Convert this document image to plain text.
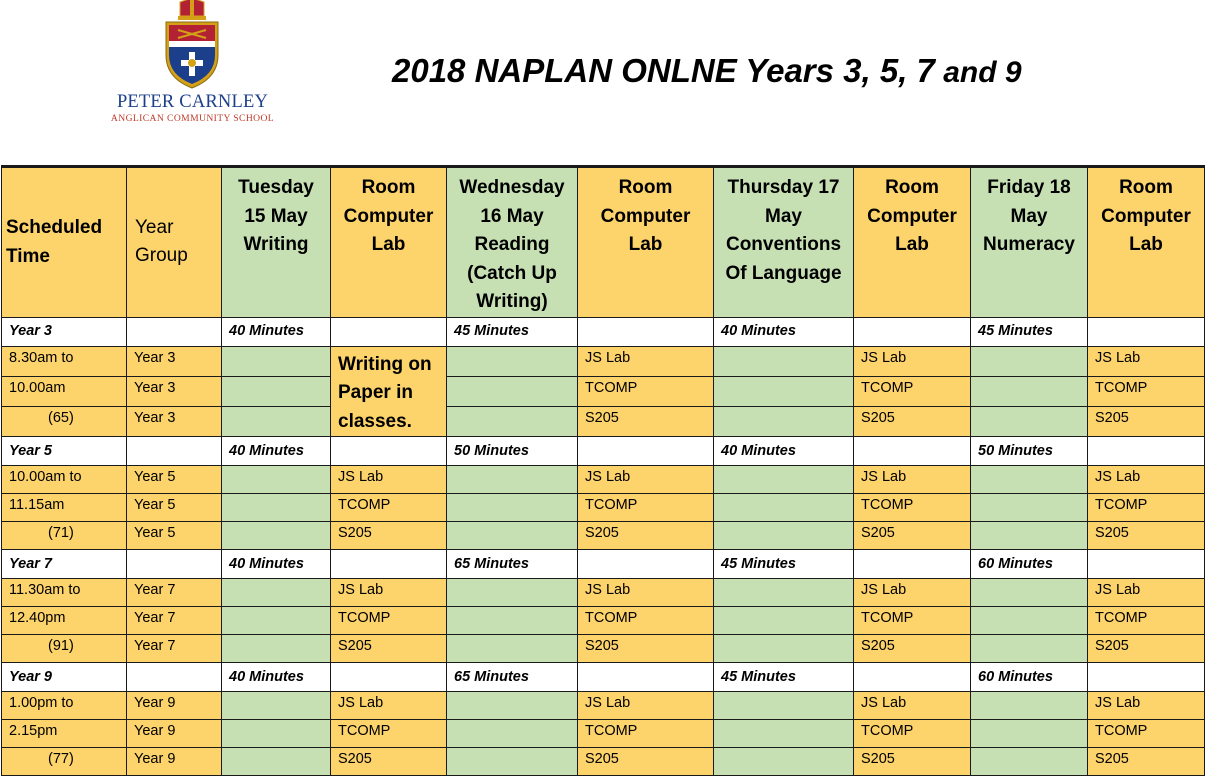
PETER CARNLEY
ANGLICAN COMMUNITY SCHOOL
2018 NAPLAN ONLNE Years 3, 5, 7 and 9
Scheduled Time	Year Group	Tuesday 15 May Writing	Room Computer Lab	Wednesday 16 May Reading (Catch Up Writing)	Room Computer Lab	Thursday 17 May Conventions Of Language	Room Computer Lab	Friday 18 May Numeracy	Room Computer Lab
Year 3		40 Minutes		45 Minutes		40 Minutes		45 Minutes	
8.30am to	Year 3		Writing on Paper in classes.		JS Lab		JS Lab		JS Lab
10.00am	Year 3				TCOMP		TCOMP		TCOMP
(65)	Year 3				S205		S205		S205
Year 5		40 Minutes		50 Minutes		40 Minutes		50 Minutes	
10.00am to	Year 5		JS Lab		JS Lab		JS Lab		JS Lab
11.15am	Year 5		TCOMP		TCOMP		TCOMP		TCOMP
(71)	Year 5		S205		S205		S205		S205
Year 7		40 Minutes		65 Minutes		45 Minutes		60 Minutes	
11.30am to	Year 7		JS Lab		JS Lab		JS Lab		JS Lab
12.40pm	Year 7		TCOMP		TCOMP		TCOMP		TCOMP
(91)	Year 7		S205		S205		S205		S205
Year 9		40 Minutes		65 Minutes		45 Minutes		60 Minutes	
1.00pm to	Year 9		JS Lab		JS Lab		JS Lab		JS Lab
2.15pm	Year 9		TCOMP		TCOMP		TCOMP		TCOMP
(77)	Year 9		S205		S205		S205		S205
